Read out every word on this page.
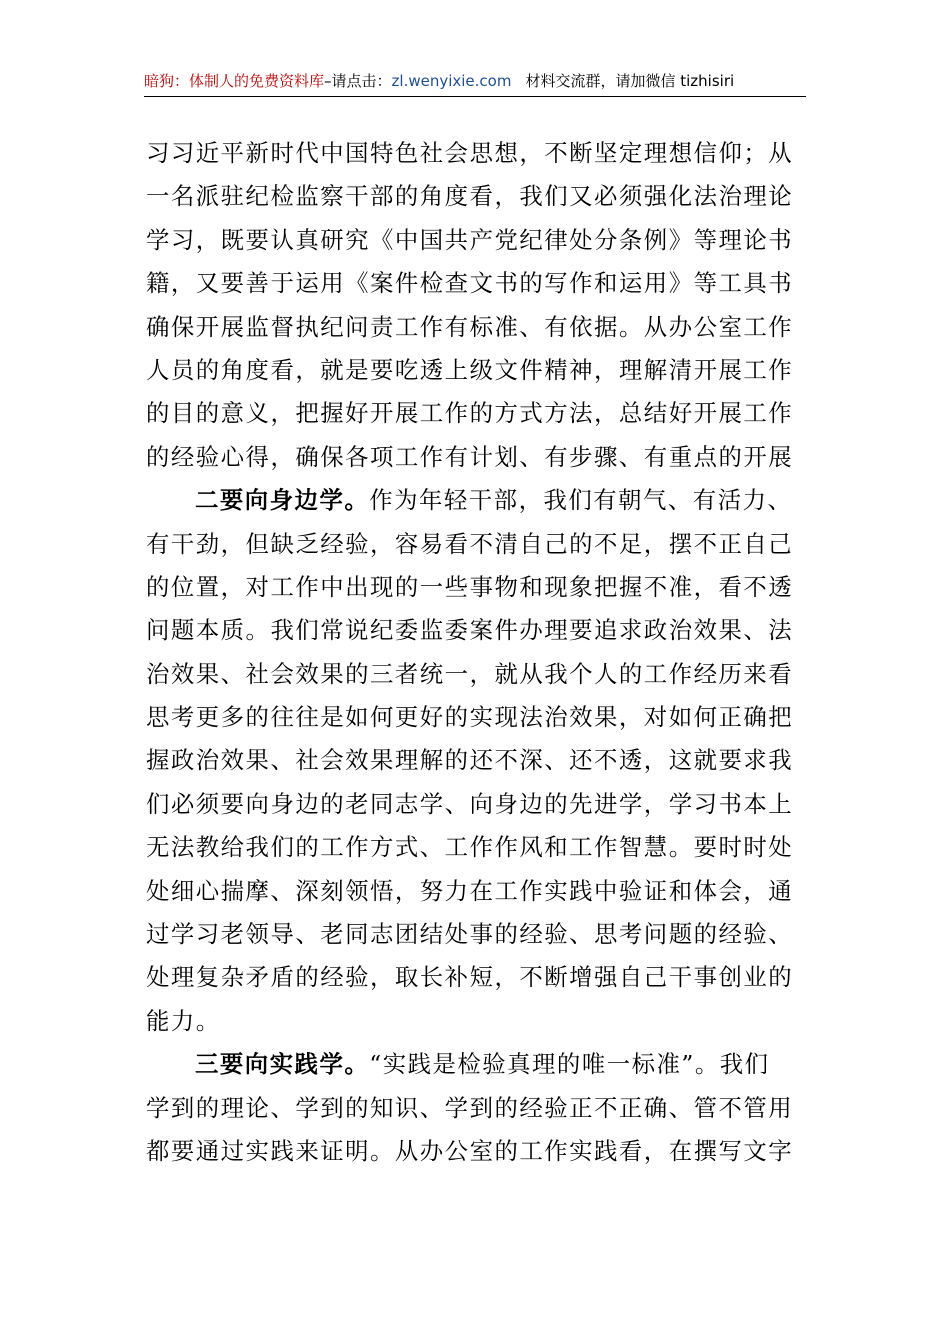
暗狗：体制人的免费资料库–请点击：zl.wenyixie.com 材料交流群，请加微信 tizhisiri
习习近平新时代中国特色社会思想，不断坚定理想信仰；从
一名派驻纪检监察干部的角度看，我们又必须强化法治理论
学习，既要认真研究《中国共产党纪律处分条例》等理论书
籍，又要善于运用《案件检查文书的写作和运用》等工具书
确保开展监督执纪问责工作有标准、有依据。从办公室工作
人员的角度看，就是要吃透上级文件精神，理解清开展工作
的目的意义，把握好开展工作的方式方法，总结好开展工作
的经验心得，确保各项工作有计划、有步骤、有重点的开展
二要向身边学。作为年轻干部，我们有朝气、有活力、
有干劲，但缺乏经验，容易看不清自己的不足，摆不正自己
的位置，对工作中出现的一些事物和现象把握不准，看不透
问题本质。我们常说纪委监委案件办理要追求政治效果、法
治效果、社会效果的三者统一，就从我个人的工作经历来看
思考更多的往往是如何更好的实现法治效果，对如何正确把
握政治效果、社会效果理解的还不深、还不透，这就要求我
们必须要向身边的老同志学、向身边的先进学，学习书本上
无法教给我们的工作方式、工作作风和工作智慧。要时时处
处细心揣摩、深刻领悟，努力在工作实践中验证和体会，通
过学习老领导、老同志团结处事的经验、思考问题的经验、
处理复杂矛盾的经验，取长补短，不断增强自己干事创业的
能力。
三要向实践学。“实践是检验真理的唯一标准”。我们
学到的理论、学到的知识、学到的经验正不正确、管不管用
都要通过实践来证明。从办公室的工作实践看，在撰写文字
